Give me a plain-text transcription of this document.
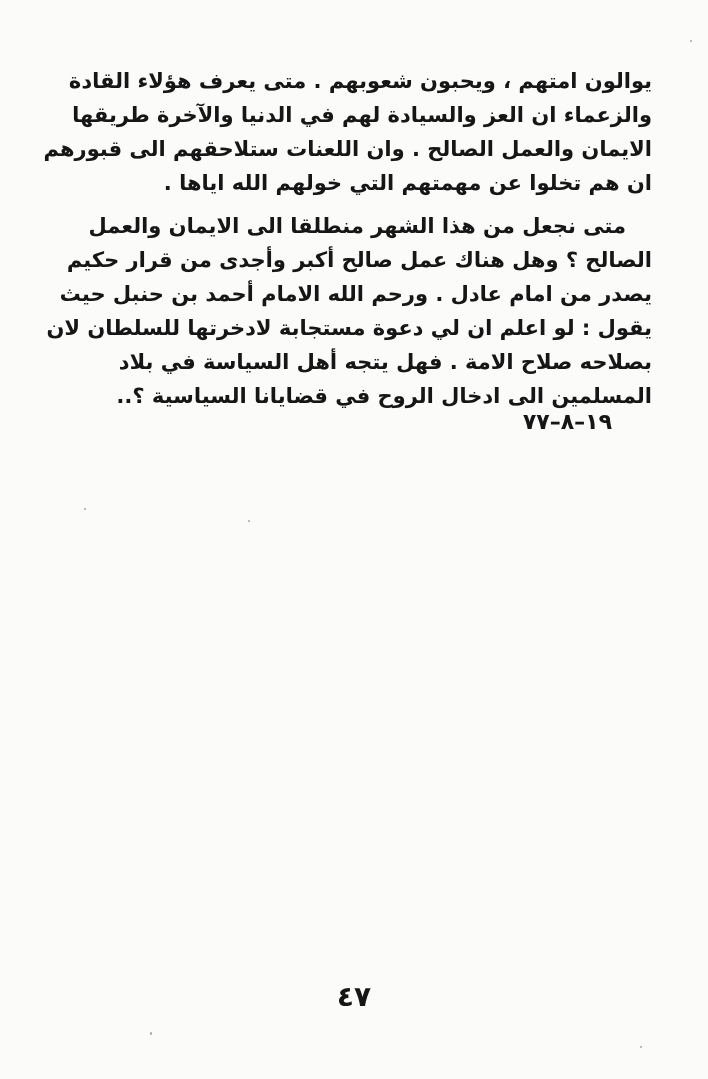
يوالون امتهم ، ويحبون شعوبهم . متى يعرف هؤلاء القادة
والزعماء ان العز والسيادة لهم في الدنيا والآخرة طريقها
الايمان والعمل الصالح . وان اللعنات ستلاحقهم الى قبورهم
ان هم تخلوا عن مهمتهم التي خولهم الله اياها .
متى نجعل من هذا الشهر منطلقا الى الايمان والعمل
الصالح ؟ وهل هناك عمل صالح أكبر وأجدى من قرار حكيم
يصدر من امام عادل . ورحم الله الامام أحمد بن حنبل حيث
يقول : لو اعلم ان لي دعوة مستجابة لادخرتها للسلطان لان
بصلاحه صلاح الامة . فهل يتجه أهل السياسة في بلاد
المسلمين الى ادخال الروح في قضايانا السياسية ؟..
١٩–٨–٧٧
٤٧
